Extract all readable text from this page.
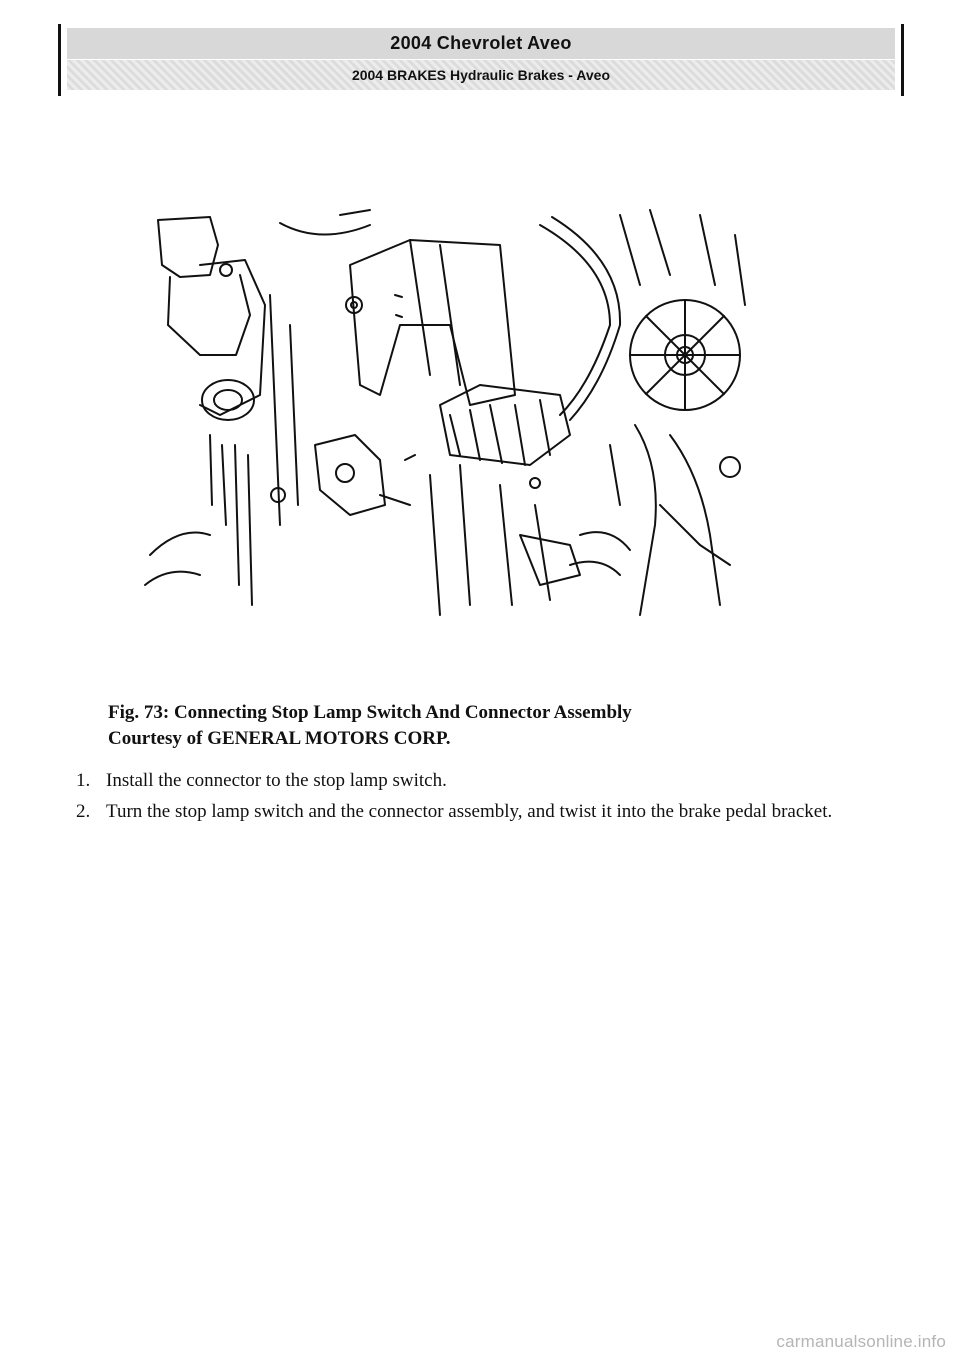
2004 Chevrolet Aveo
2004 BRAKES Hydraulic Brakes - Aveo
Fig. 73: Connecting Stop Lamp Switch And Connector Assembly
Courtesy of GENERAL MOTORS CORP.
1. Install the connector to the stop lamp switch.
2. Turn the stop lamp switch and the connector assembly, and twist it into the brake pedal bracket.
carmanualsonline.info
